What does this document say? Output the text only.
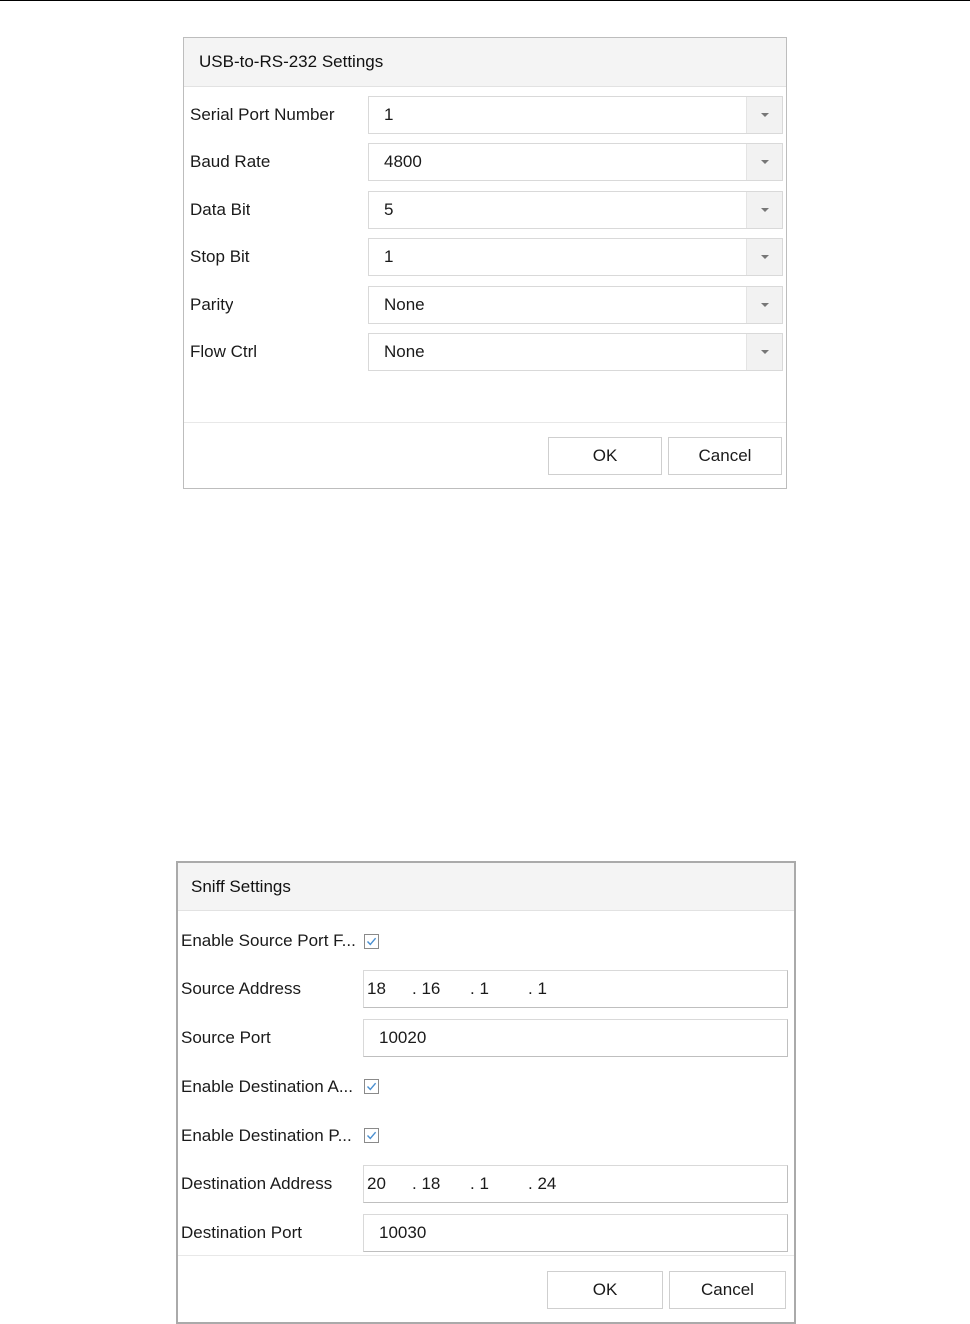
USB-to-RS-232 Settings
Serial Port Number	1
Baud Rate	4800
Data Bit	5
Stop Bit	1
Parity	None
Flow Ctrl	None
OK	Cancel
Sniff Settings
Enable Source Port F...
Source Address	18 . 16 . 1 . 1
Source Port	10020
Enable Destination A...
Enable Destination P...
Destination Address 20 . 18 . 1 . 24
Destination Port	10030
OK	Cancel
